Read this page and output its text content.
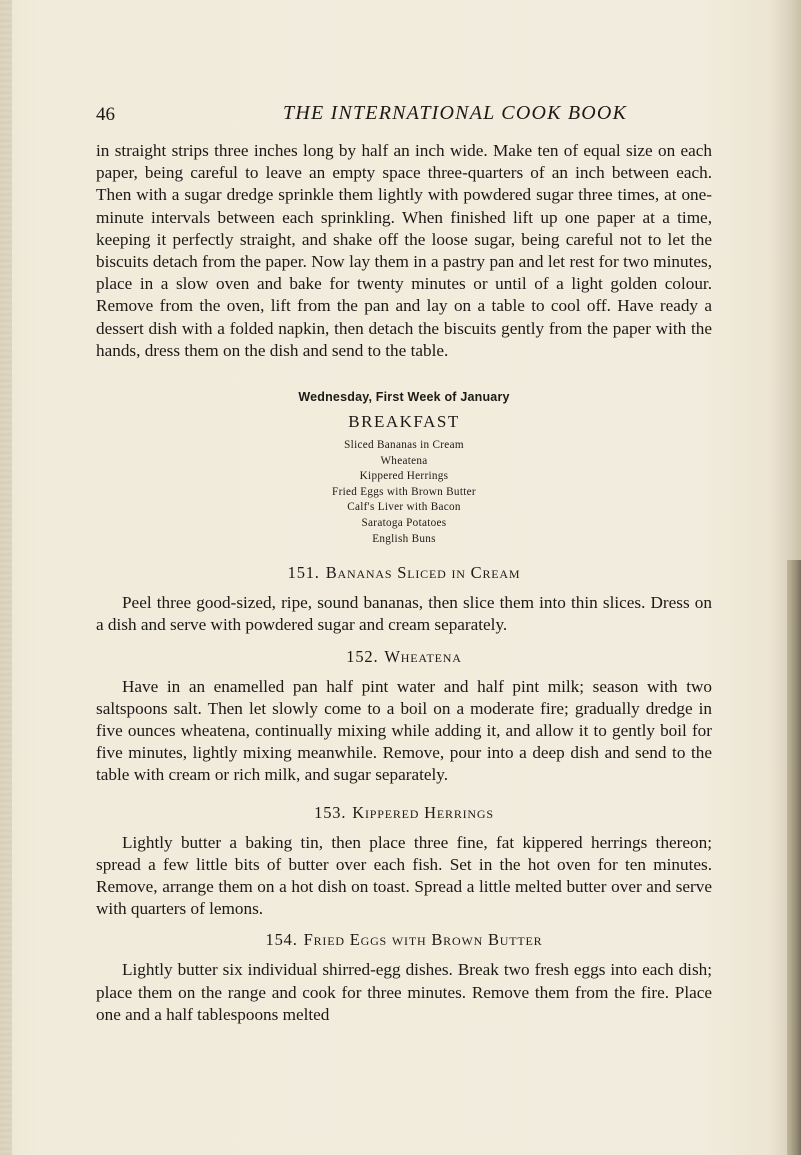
46	THE INTERNATIONAL COOK BOOK

in straight strips three inches long by half an inch wide. Make ten of equal size on each paper, being careful to leave an empty space three-quarters of an inch between each. Then with a sugar dredge sprinkle them lightly with powdered sugar three times, at one-minute intervals between each sprinkling. When finished lift up one paper at a time, keeping it perfectly straight, and shake off the loose sugar, being careful not to let the biscuits detach from the paper. Now lay them in a pastry pan and let rest for two minutes, place in a slow oven and bake for twenty minutes or until of a light golden colour. Remove from the oven, lift from the pan and lay on a table to cool off. Have ready a dessert dish with a folded napkin, then detach the biscuits gently from the paper with the hands, dress them on the dish and send to the table.

Wednesday, First Week of January

BREAKFAST

Sliced Bananas in Cream
Wheatena
Kippered Herrings
Fried Eggs with Brown Butter
Calf's Liver with Bacon
Saratoga Potatoes
English Buns

151. Bananas Sliced in Cream

Peel three good-sized, ripe, sound bananas, then slice them into thin slices. Dress on a dish and serve with powdered sugar and cream separately.

152. Wheatena

Have in an enamelled pan half pint water and half pint milk; season with two saltspoons salt. Then let slowly come to a boil on a moderate fire; gradually dredge in five ounces wheatena, continually mixing while adding it, and allow it to gently boil for five minutes, lightly mixing meanwhile. Remove, pour into a deep dish and send to the table with cream or rich milk, and sugar separately.

153. Kippered Herrings

Lightly butter a baking tin, then place three fine, fat kippered herrings thereon; spread a few little bits of butter over each fish. Set in the hot oven for ten minutes. Remove, arrange them on a hot dish on toast. Spread a little melted butter over and serve with quarters of lemons.

154. Fried Eggs with Brown Butter

Lightly butter six individual shirred-egg dishes. Break two fresh eggs into each dish; place them on the range and cook for three minutes. Remove them from the fire. Place one and a half tablespoons melted
